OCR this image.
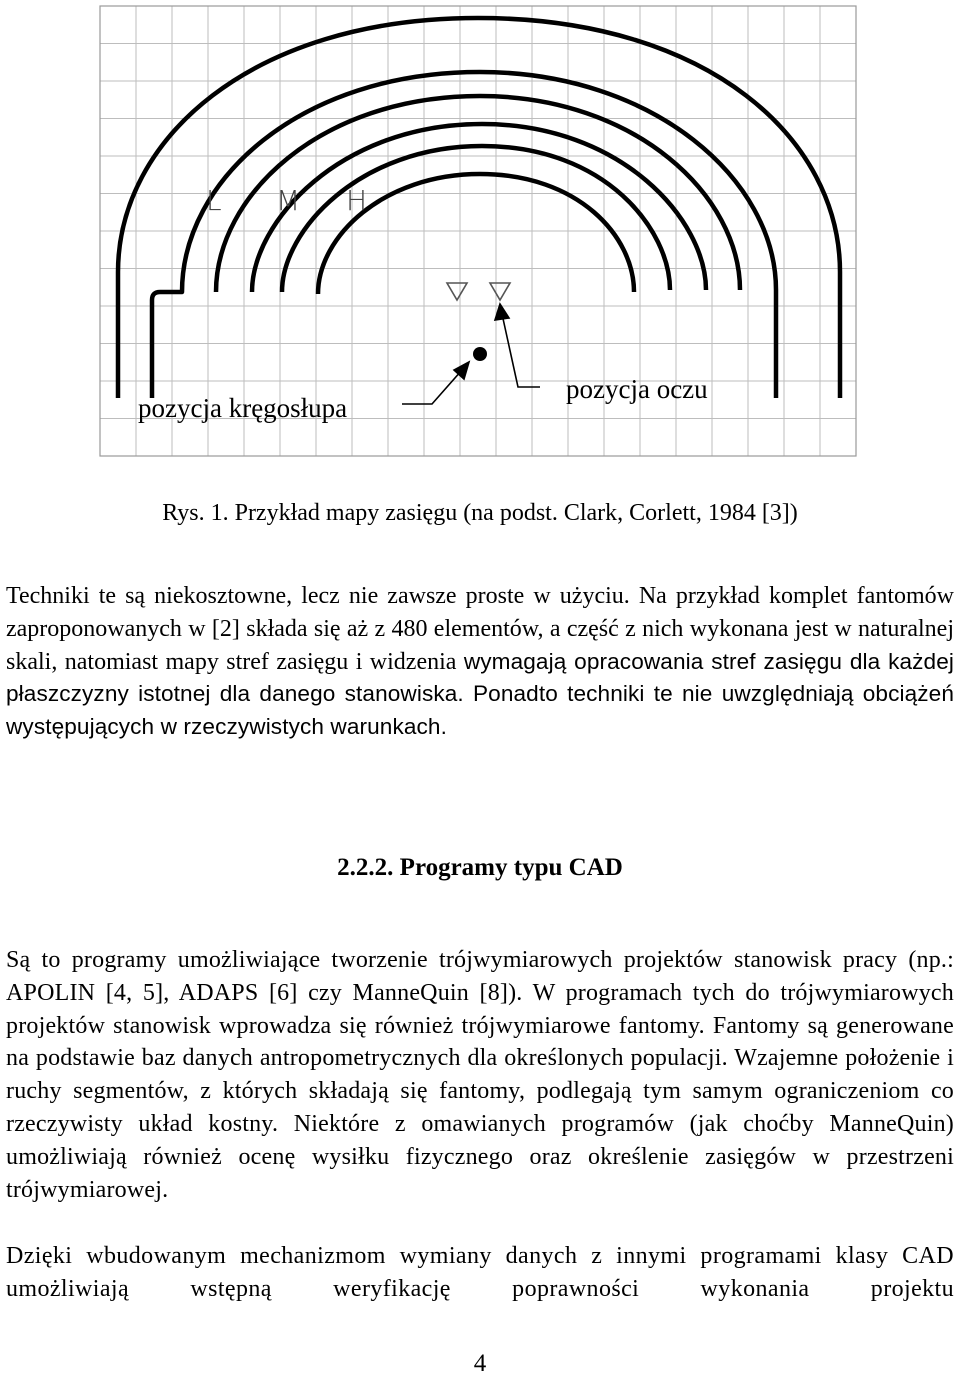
L M H
pozycja kręgosłupa
pozycja oczu
Rys. 1. Przykład mapy zasięgu (na podst. Clark, Corlett, 1984 [3])

Techniki te są niekosztowne, lecz nie zawsze proste w użyciu. Na przykład komplet fantomów zaproponowanych w [2] składa się aż z 480 elementów, a część z nich wykonana jest w naturalnej skali, natomiast mapy stref zasięgu i widzenia wymagają opracowania stref zasięgu dla każdej płaszczyzny istotnej dla danego stanowiska. Ponadto techniki te nie uwzględniają obciążeń występujących w rzeczywistych warunkach.

2.2.2. Programy typu CAD

Są to programy umożliwiające tworzenie trójwymiarowych projektów stanowisk pracy (np.: APOLIN [4, 5], ADAPS [6] czy ManneQuin [8]). W programach tych do trójwymiarowych projektów stanowisk wprowadza się również trójwymiarowe fantomy. Fantomy są generowane na podstawie baz danych antropometrycznych dla określonych populacji. Wzajemne położenie i ruchy segmentów, z których składają się fantomy, podlegają tym samym ograniczeniom co rzeczywisty układ kostny. Niektóre z omawianych programów (jak choćby ManneQuin) umożliwiają również ocenę wysiłku fizycznego oraz określenie zasięgów w przestrzeni trójwymiarowej.

Dzięki wbudowanym mechanizmom wymiany danych z innymi programami klasy CAD umożliwiają wstępną weryfikację poprawności wykonania projektu

4
